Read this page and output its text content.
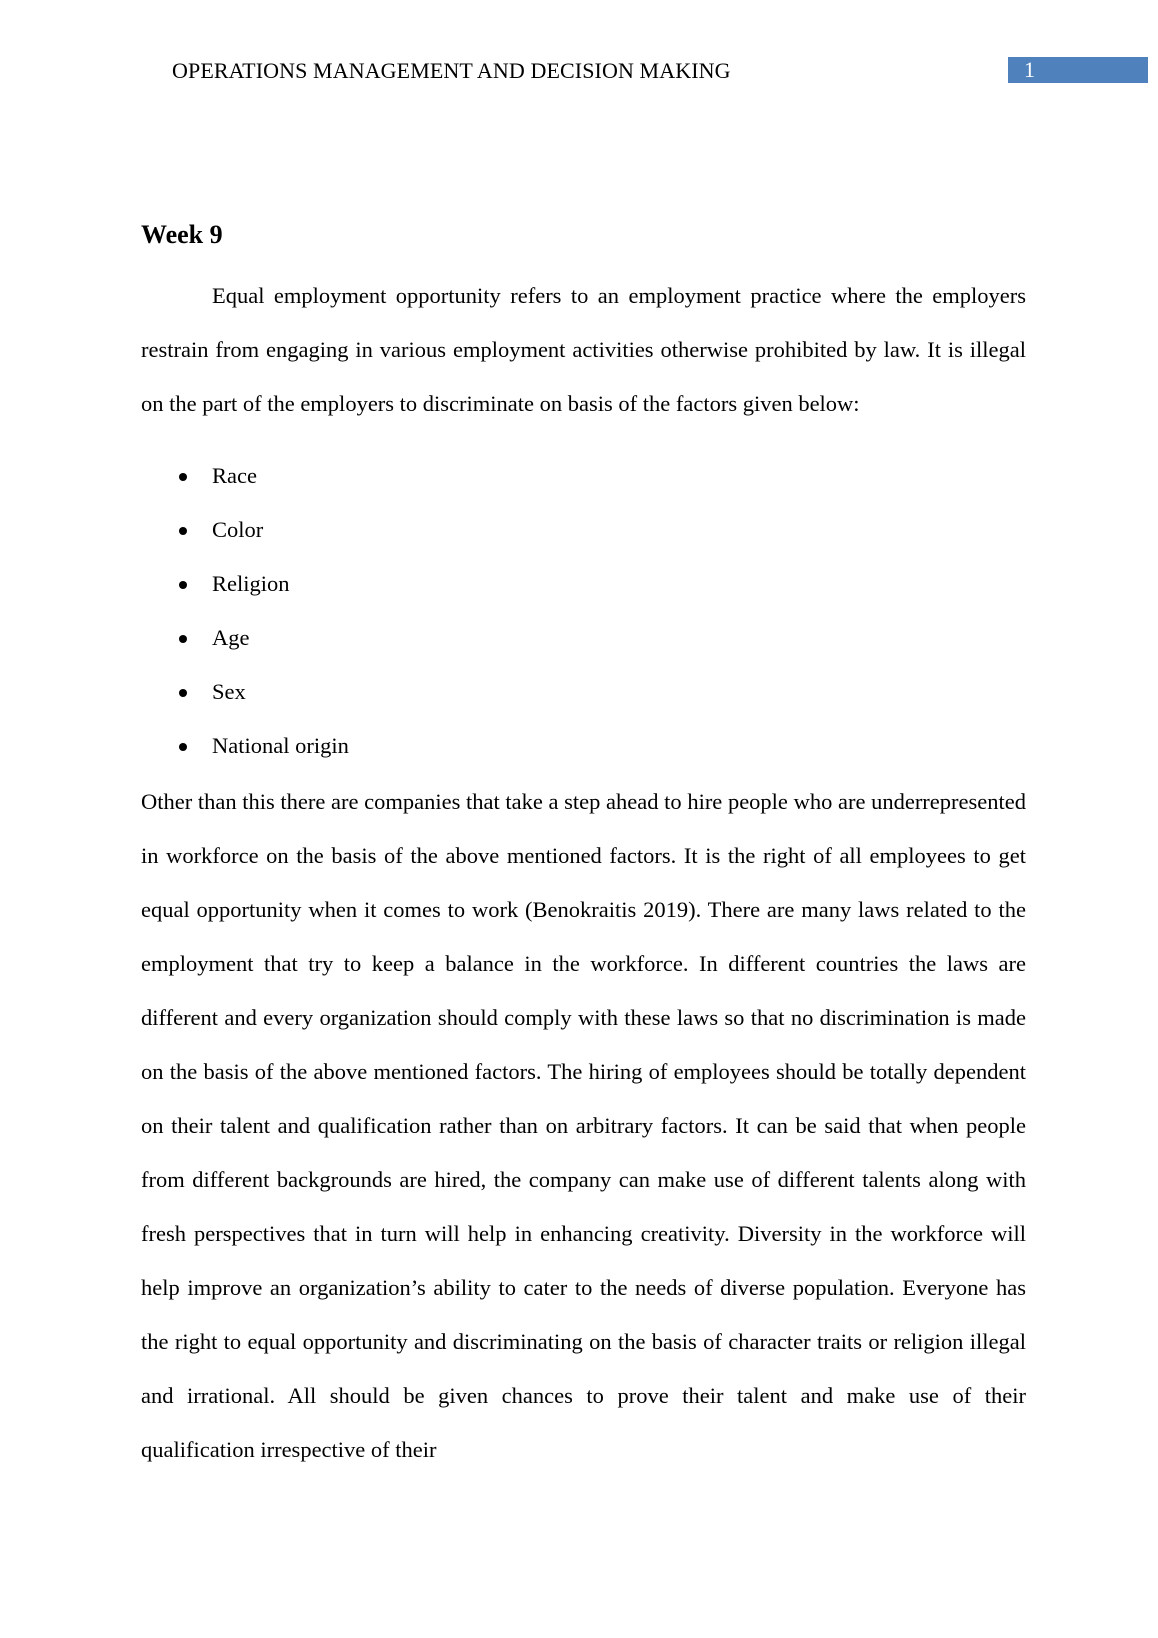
OPERATIONS MANAGEMENT AND DECISION MAKING	1
Week 9

Equal employment opportunity refers to an employment practice where the employers restrain from engaging in various employment activities otherwise prohibited by law. It is illegal on the part of the employers to discriminate on basis of the factors given below:

Race
Color
Religion
Age
Sex
National origin

Other than this there are companies that take a step ahead to hire people who are underrepresented in workforce on the basis of the above mentioned factors. It is the right of all employees to get equal opportunity when it comes to work (Benokraitis 2019). There are many laws related to the employment that try to keep a balance in the workforce. In different countries the laws are different and every organization should comply with these laws so that no discrimination is made on the basis of the above mentioned factors. The hiring of employees should be totally dependent on their talent and qualification rather than on arbitrary factors. It can be said that when people from different backgrounds are hired, the company can make use of different talents along with fresh perspectives that in turn will help in enhancing creativity. Diversity in the workforce will help improve an organization’s ability to cater to the needs of diverse population. Everyone has the right to equal opportunity and discriminating on the basis of character traits or religion illegal and irrational. All should be given chances to prove their talent and make use of their qualification irrespective of their
